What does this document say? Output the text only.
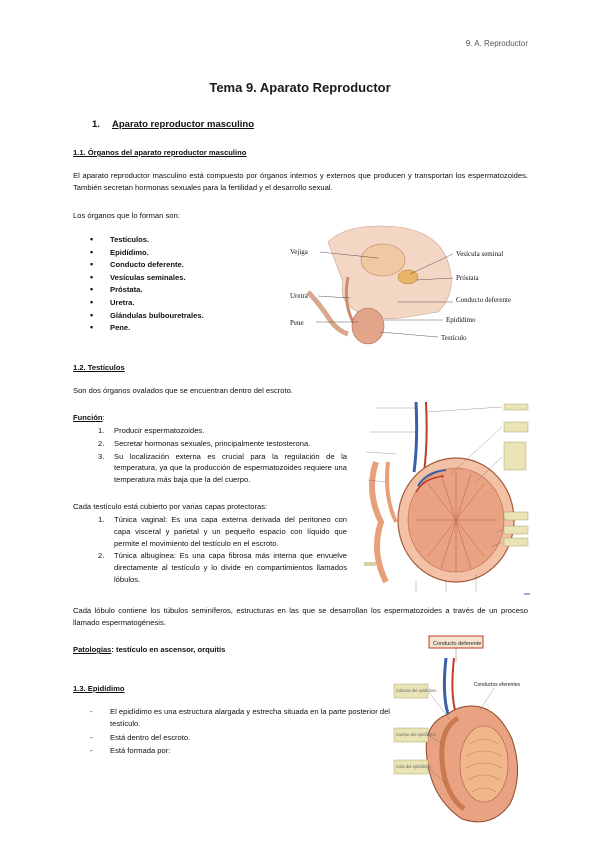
9. A. Reproductor
Tema 9. Aparato Reproductor
1. Aparato reproductor masculino
1.1. Órganos del aparato reproductor masculino
El aparato reproductor masculino está compuesto por órganos internos y externos que producen y transportan los espermatozoides. También secretan hormonas sexuales para la fertilidad y el desarrollo sexual.
Los órganos que lo forman son:
• Testículos.
• Epidídimo.
• Conducto deferente.
• Vesículas seminales.
• Próstata.
• Uretra.
• Glándulas bulbouretrales.
• Pene.
Vejiga
Uretra
Pene
Vesícula seminal
Próstata
Conducto deferente
Epidídimo
Testículo
1.2. Testículos
Son dos órganos ovalados que se encuentran dentro del escroto.
Función:
1. Producir espermatozoides.
2. Secretar hormonas sexuales, principalmente testosterona.
3. Su localización externa es crucial para la regulación de la temperatura, ya que la producción de espermatozoides requiere una temperatura más baja que la del cuerpo.
Cada testículo está cubierto por varias capas protectoras:
1. Túnica vaginal: Es una capa externa derivada del peritoneo con capa visceral y parietal y un pequeño espacio con líquido que permite el movimiento del testículo en el escroto.
2. Túnica albugínea: Es una capa fibrosa más interna que envuelve directamente al testículo y lo divide en compartimientos llamados lóbulos.
Cada lóbulo contiene los túbulos seminíferos, estructuras en las que se desarrollan los espermatozoides a través de un proceso llamado espermatogénesis.
Patologías: testículo en ascensor, orquitis
1.3. Epidídimo
- El epidídimo es una estructura alargada y estrecha situada en la parte posterior del testículo.
- Está dentro del escroto.
- Está formada por:
Conducto deferente
Conductos eferentes
Cabeza del epidídimo
Cuerpo del epidídimo
Cola del epidídimo
